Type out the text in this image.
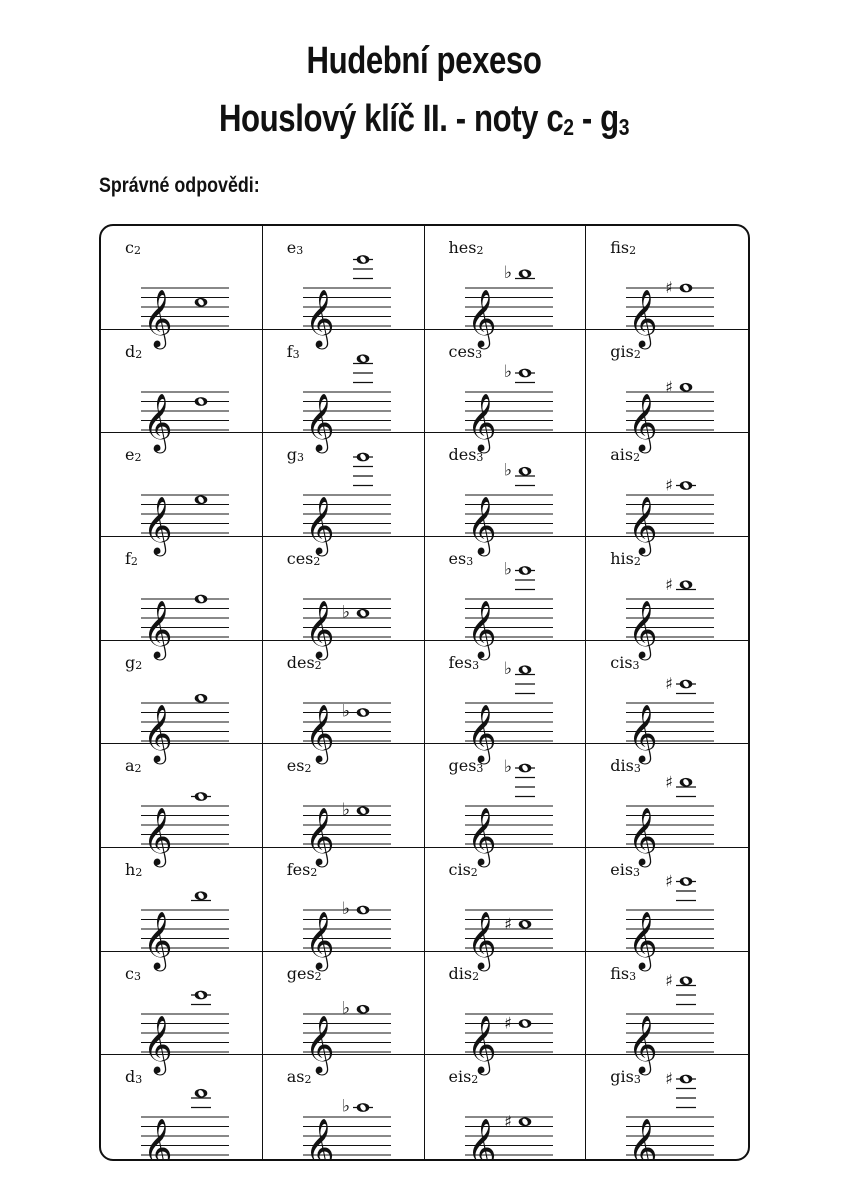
Hudební pexeso
Houslový klíč II. - noty $c_2 - g_3$
Správné odpovědi:
$c_2$
𝄞
$e_3$
𝄞
hes$_2$
𝄞
♭
fis$_2$
𝄞
♯
$d_2$
𝄞
$f_3$
𝄞
ces$_3$
𝄞
♭
gis$_2$
𝄞
♯
$e_2$
𝄞
$g_3$
𝄞
des$_3$
𝄞
♭
ais$_2$
𝄞
♯
$f_2$
𝄞
ces$_2$
𝄞 ♭
$es_3$
𝄞
♭
his$_2$
𝄞
♯
$g_2$
𝄞
des$_2$
𝄞 ♭
fes$_3$
𝄞
♭	cis$_3$
𝄞
♯
$a_2$
𝄞
$es_2$
𝄞 ♭
ges$_3$
𝄞
♭	dis$_3$
𝄞
♯
$h_2$
𝄞
fes$_2$
𝄞
♭
cis$_2$
𝄞 ♯
eis$_3$
𝄞
♯
$c_3$
𝄞
ges$_2$
𝄞
♭
dis$_2$
𝄞 ♯
fis$_3$
𝄞
♯
$d_3$
𝄞
$as_2$
𝄞
♭
eis$_2$
𝄞 ♯
gis$_3$
𝄞
♯
